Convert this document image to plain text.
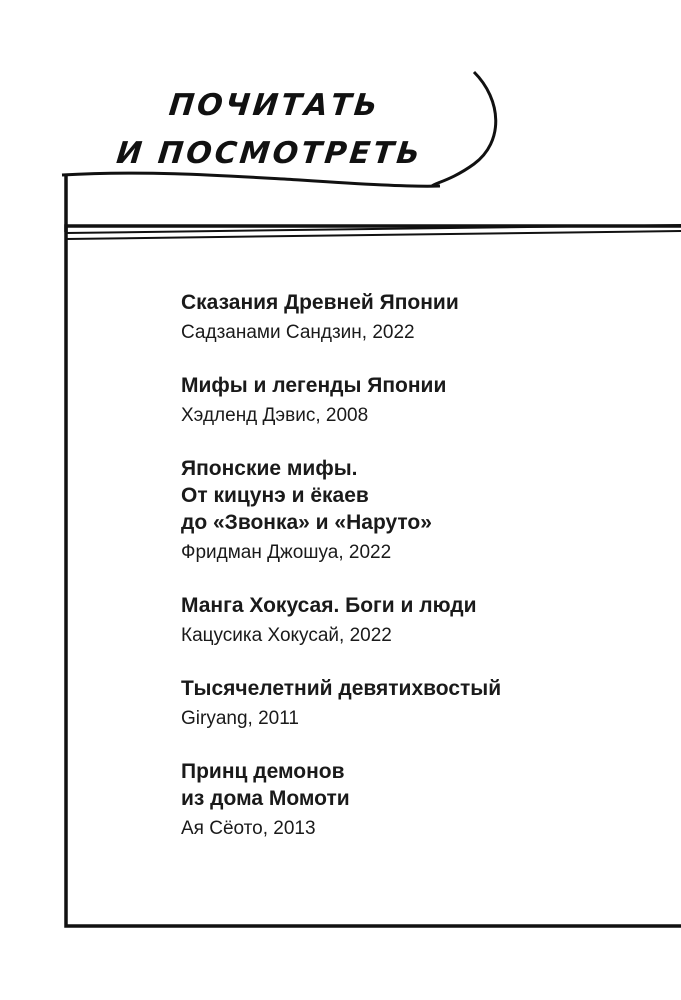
ПОЧИТАТЬ
И ПОСМОТРЕТЬ
Сказания Древней Японии
Садзанами Сандзин, 2022
Мифы и легенды Японии
Хэдленд Дэвис, 2008
Японские мифы.
От кицунэ и ёкаев
до «Звонка» и «Наруто»
Фридман Джошуа, 2022
Манга Хокусая. Боги и люди
Кацусика Хокусай, 2022
Тысячелетний девятихвостый
Giryang, 2011
Принц демонов
из дома Момоти
Ая Сёото, 2013
